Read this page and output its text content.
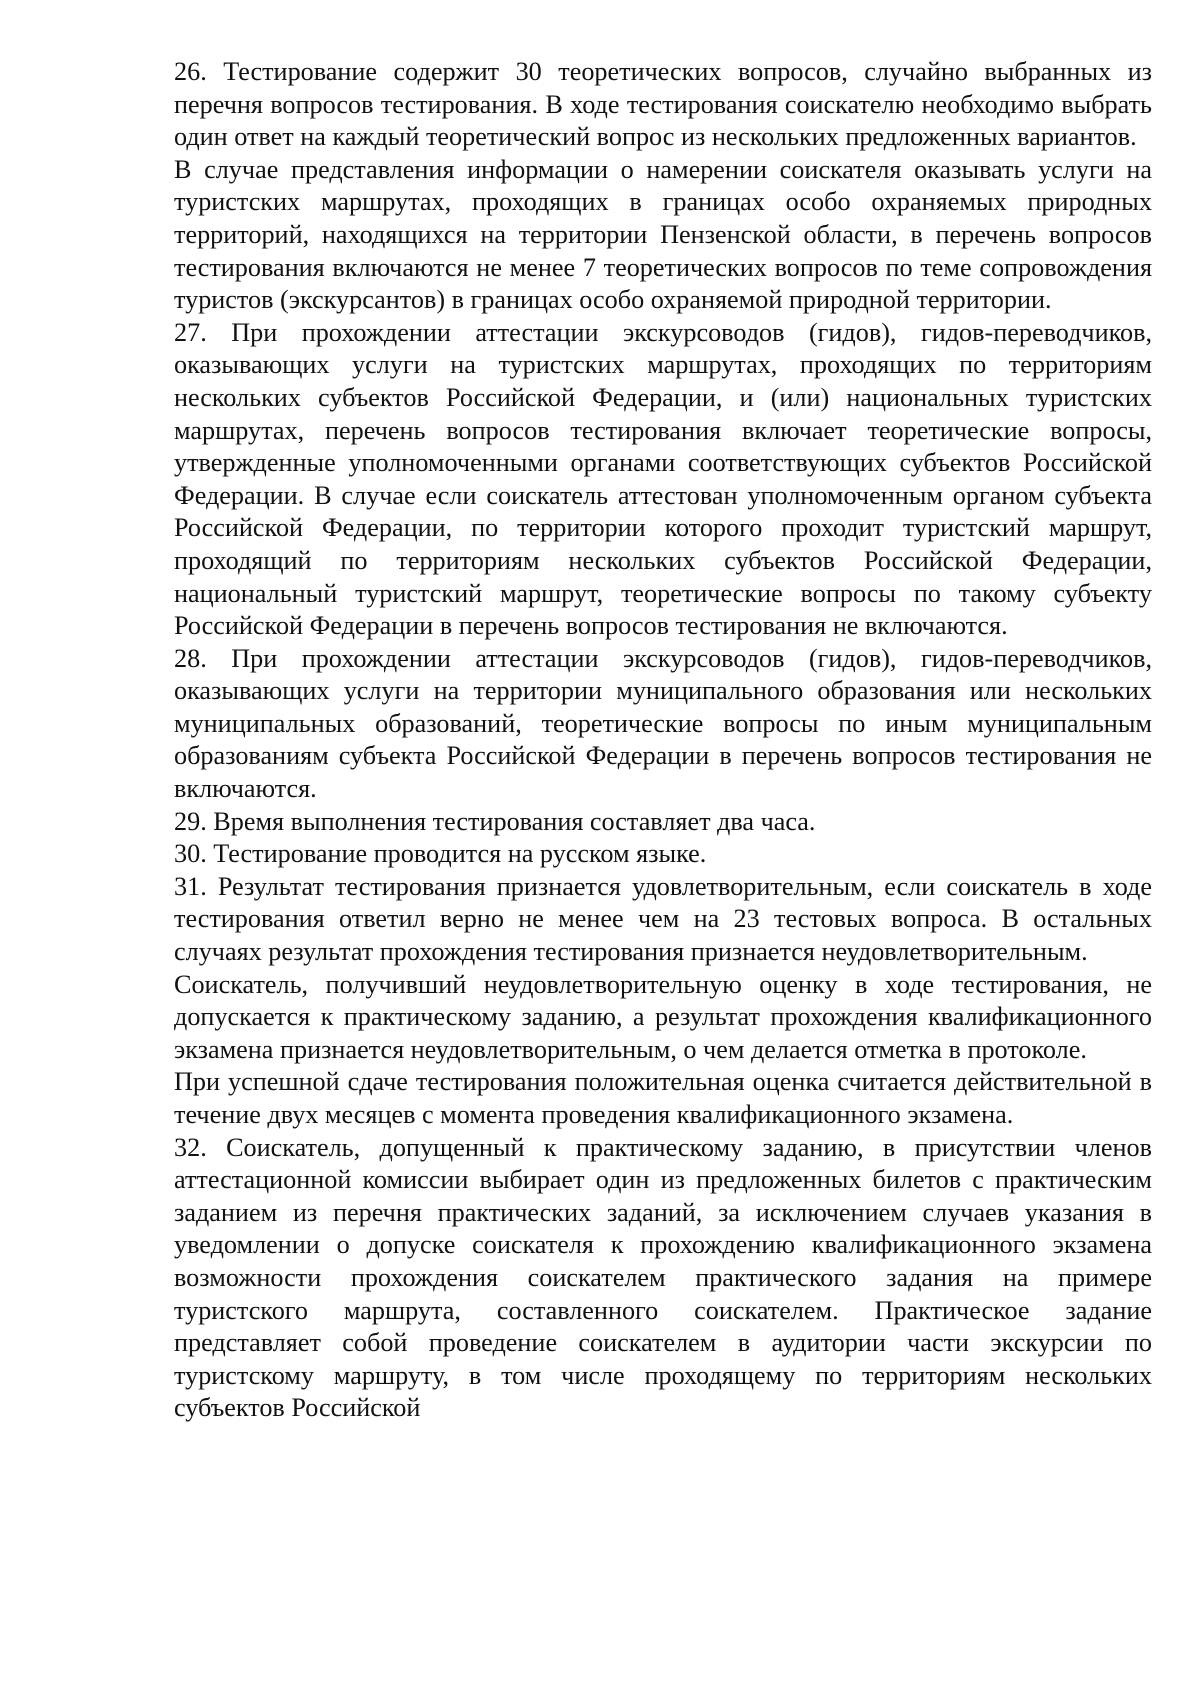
26. Тестирование содержит 30 теоретических вопросов, случайно выбранных из перечня вопросов тестирования. В ходе тестирования соискателю необходимо выбрать один ответ на каждый теоретический вопрос из нескольких предложенных вариантов.

В случае представления информации о намерении соискателя оказывать услуги на туристских маршрутах, проходящих в границах особо охраняемых природных территорий, находящихся на территории Пензенской области, в перечень вопросов тестирования включаются не менее 7 теоретических вопросов по теме сопровождения туристов (экскурсантов) в границах особо охраняемой природной территории.

27. При прохождении аттестации экскурсоводов (гидов), гидов-переводчиков, оказывающих услуги на туристских маршрутах, проходящих по территориям нескольких субъектов Российской Федерации, и (или) национальных туристских маршрутах, перечень вопросов тестирования включает теоретические вопросы, утвержденные уполномоченными органами соответствующих субъектов Российской Федерации. В случае если соискатель аттестован уполномоченным органом субъекта Российской Федерации, по территории которого проходит туристский маршрут, проходящий по территориям нескольких субъектов Российской Федерации, национальный туристский маршрут, теоретические вопросы по такому субъекту Российской Федерации в перечень вопросов тестирования не включаются.

28. При прохождении аттестации экскурсоводов (гидов), гидов-переводчиков, оказывающих услуги на территории муниципального образования или нескольких муниципальных образований, теоретические вопросы по иным муниципальным образованиям субъекта Российской Федерации в перечень вопросов тестирования не включаются.

29. Время выполнения тестирования составляет два часа.

30. Тестирование проводится на русском языке.

31. Результат тестирования признается удовлетворительным, если соискатель в ходе тестирования ответил верно не менее чем на 23 тестовых вопроса. В остальных случаях результат прохождения тестирования признается неудовлетворительным.

Соискатель, получивший неудовлетворительную оценку в ходе тестирования, не допускается к практическому заданию, а результат прохождения квалификационного экзамена признается неудовлетворительным, о чем делается отметка в протоколе.

При успешной сдаче тестирования положительная оценка считается действительной в течение двух месяцев с момента проведения квалификационного экзамена.

32. Соискатель, допущенный к практическому заданию, в присутствии членов аттестационной комиссии выбирает один из предложенных билетов с практическим заданием из перечня практических заданий, за исключением случаев указания в уведомлении о допуске соискателя к прохождению квалификационного экзамена возможности прохождения соискателем практического задания на примере туристского маршрута, составленного соискателем. Практическое задание представляет собой проведение соискателем в аудитории части экскурсии по туристскому маршруту, в том числе проходящему по территориям нескольких субъектов Российской
